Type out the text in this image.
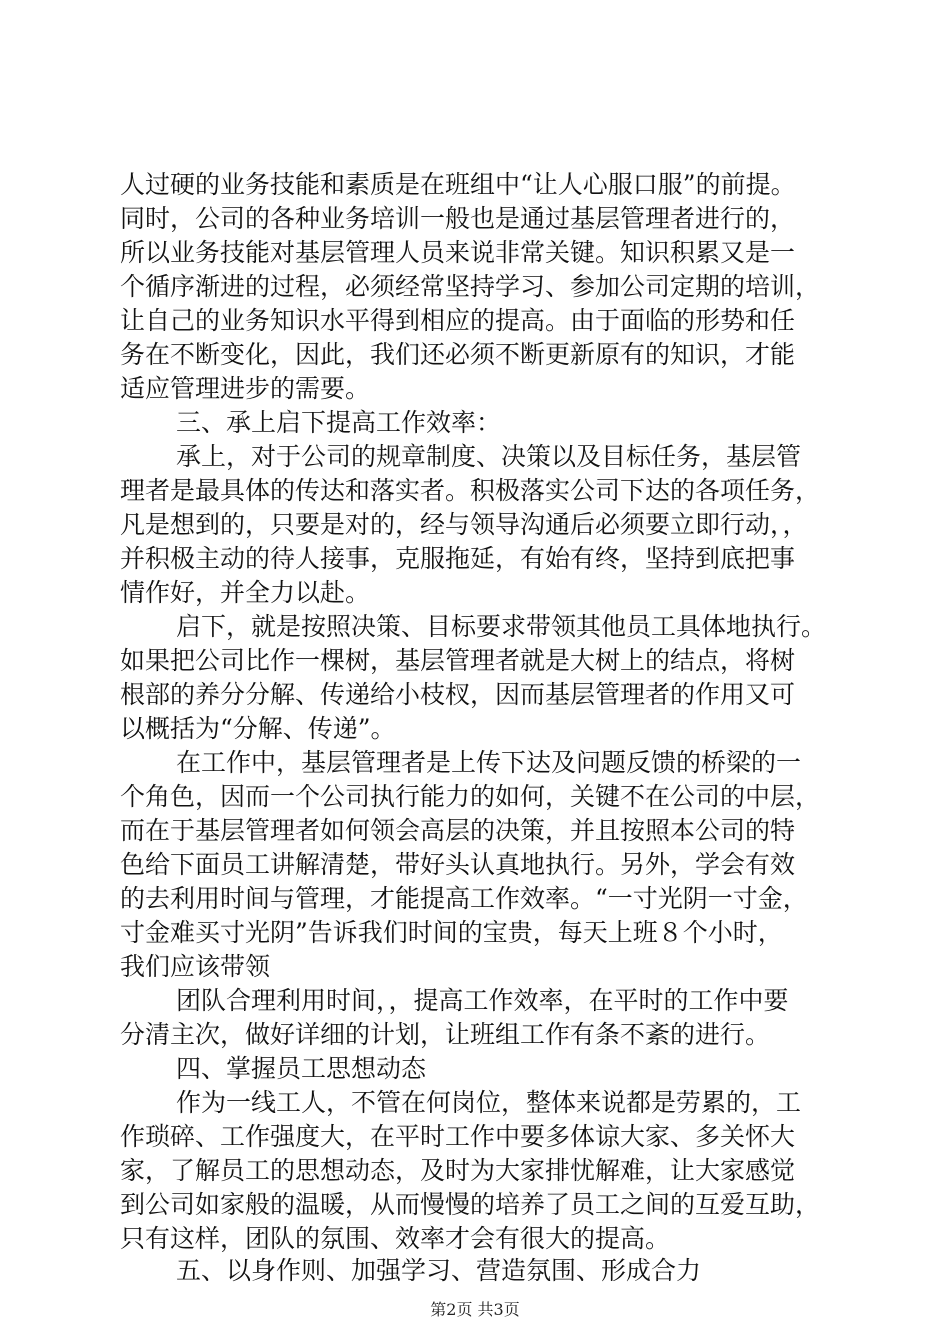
人过硬的业务技能和素质是在班组中“让人心服口服”的前提。
同时，公司的各种业务培训一般也是通过基层管理者进行的，
所以业务技能对基层管理人员来说非常关键。知识积累又是一
个循序渐进的过程，必须经常坚持学习、参加公司定期的培训，
让自己的业务知识水平得到相应的提高。由于面临的形势和任
务在不断变化，因此，我们还必须不断更新原有的知识，才能
适应管理进步的需要。
三、承上启下提高工作效率：
承上，对于公司的规章制度、决策以及目标任务，基层管
理者是最具体的传达和落实者。积极落实公司下达的各项任务，
凡是想到的，只要是对的，经与领导沟通后必须要立即行动，，
并积极主动的待人接事，克服拖延，有始有终，坚持到底把事
情作好，并全力以赴。
启下，就是按照决策、目标要求带领其他员工具体地执行。
如果把公司比作一棵树，基层管理者就是大树上的结点，将树
根部的养分分解、传递给小枝杈，因而基层管理者的作用又可
以概括为“分解、传递”。
在工作中，基层管理者是上传下达及问题反馈的桥梁的一
个角色，因而一个公司执行能力的如何，关键不在公司的中层，
而在于基层管理者如何领会高层的决策，并且按照本公司的特
色给下面员工讲解清楚，带好头认真地执行。另外，学会有效
的去利用时间与管理，才能提高工作效率。“一寸光阴一寸金，
寸金难买寸光阴”告诉我们时间的宝贵，每天上班８个小时，
我们应该带领
团队合理利用时间，，提高工作效率，在平时的工作中要
分清主次，做好详细的计划，让班组工作有条不紊的进行。
四、掌握员工思想动态
作为一线工人，不管在何岗位，整体来说都是劳累的，工
作琐碎、工作强度大，在平时工作中要多体谅大家、多关怀大
家，了解员工的思想动态，及时为大家排忧解难，让大家感觉
到公司如家般的温暖，从而慢慢的培养了员工之间的互爱互助，
只有这样，团队的氛围、效率才会有很大的提高。
五、以身作则、加强学习、营造氛围、形成合力
第2页 共3页
